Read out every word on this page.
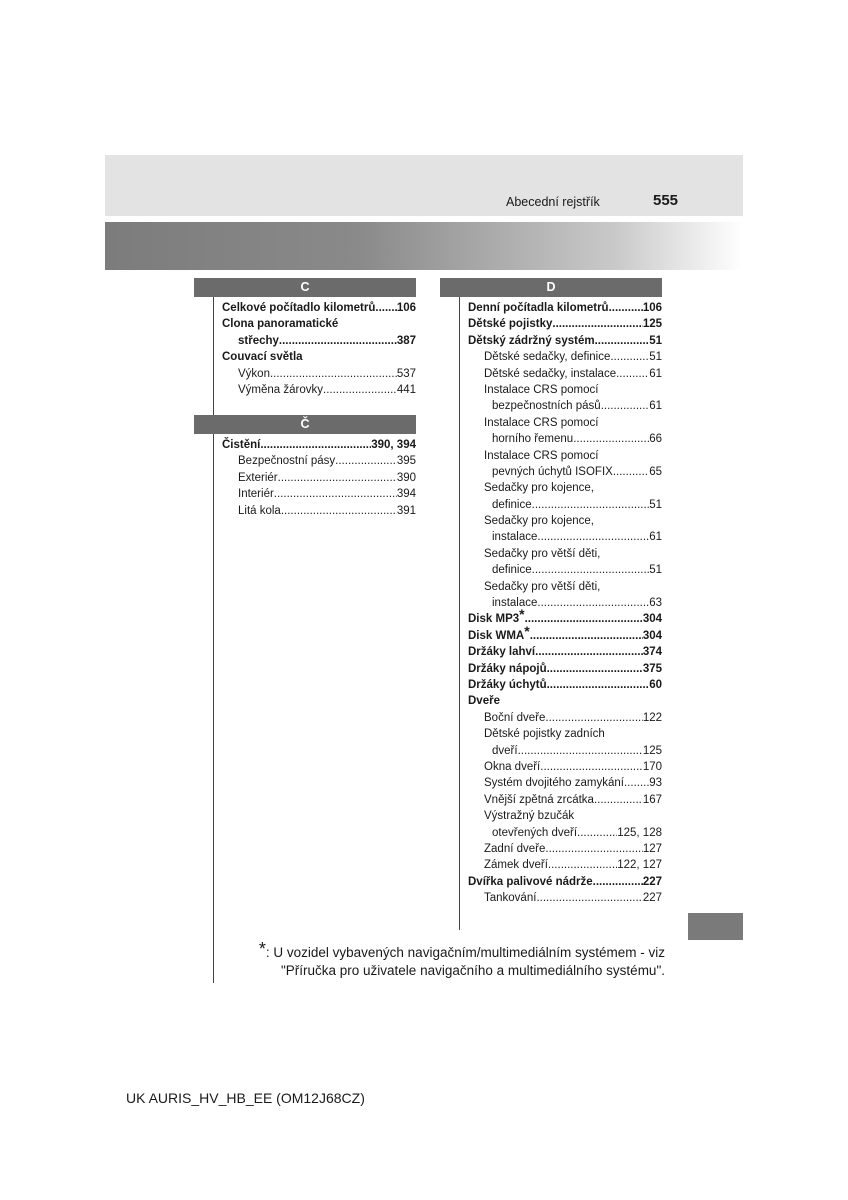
Abecední rejstřík	555
C
Celkové počítadlo kilometrů ..... 106
Clona panoramatické
střechy .....	387
Couvací světla
Výkon .....	537
Výměna žárovky .....	441
Č
Čistění .....	390, 394
Bezpečnostní pásy .....	395
Exteriér .....	390
Interiér .....	394
Litá kola .....	391
D
Denní počítadla kilometrů .....	106
Dětské pojistky .....	125
Dětský zádržný systém .....	51
Dětské sedačky, definice .....	51
Dětské sedačky, instalace .....	61
Instalace CRS pomocí
bezpečnostních pásů .....	61
Instalace CRS pomocí
horního řemenu .....	66
Instalace CRS pomocí
pevných úchytů ISOFIX .....	65
Sedačky pro kojence,
definice .....	51
Sedačky pro kojence,
instalace .....	61
Sedačky pro větší děti,
definice .....	51
Sedačky pro větší děti,
instalace .....	63
Disk MP3* .....	304
Disk WMA* .....	304
Držáky lahví .....	374
Držáky nápojů .....	375
Držáky úchytů .....	60
Dveře
Boční dveře .....	122
Dětské pojistky zadních
dveří .....	125
Okna dveří .....	170
Systém dvojitého zamykání ..... 93
Vnější zpětná zrcátka .....	167
Výstražný bzučák
otevřených dveří .....	125, 128
Zadní dveře .....	127
Zámek dveří .....	122, 127
Dvířka palivové nádrže .....	227
Tankování .....	227
*: U vozidel vybavených navigačním/multimediálním systémem - viz
"Příručka pro uživatele navigačního a multimediálního systému".
UK AURIS_HV_HB_EE (OM12J68CZ)
